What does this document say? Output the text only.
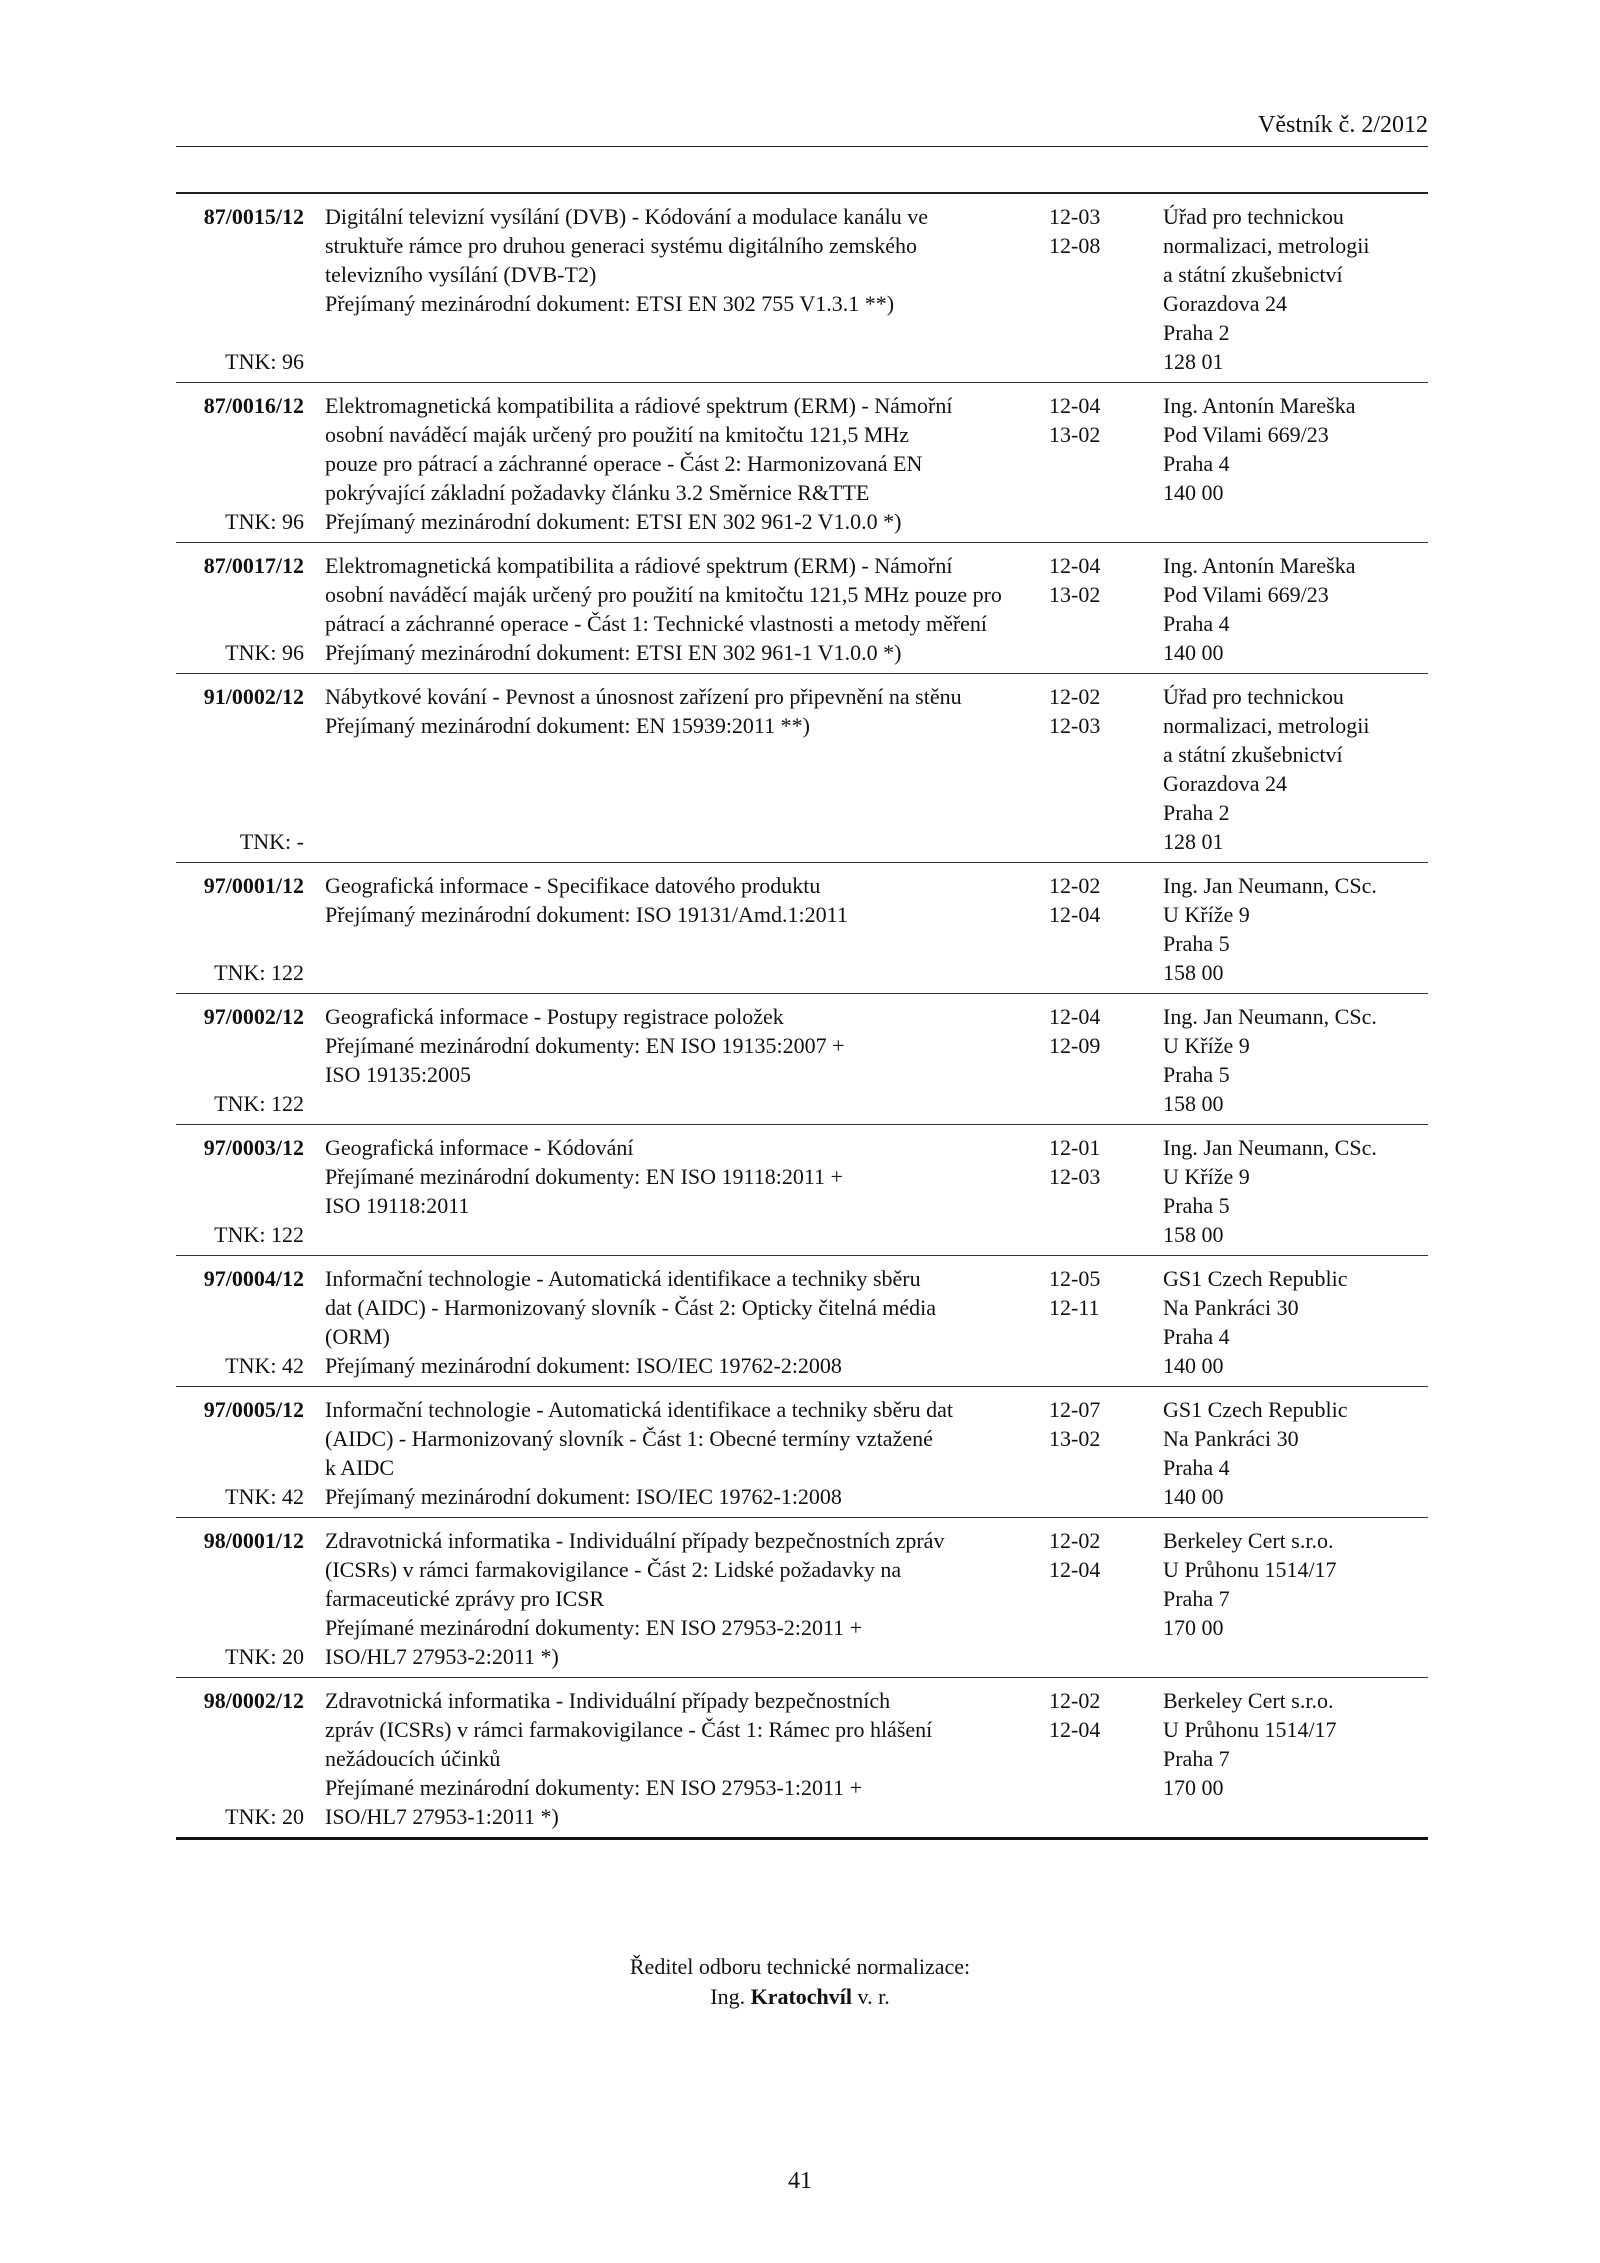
Věstník č. 2/2012
87/0015/12
TNK: 96
Digitální televizní vysílání (DVB) - Kódování a modulace kanálu ve
struktuře rámce pro druhou generaci systému digitálního zemského
televizního vysílání (DVB-T2)
Přejímaný mezinárodní dokument: ETSI EN 302 755 V1.3.1 **)
12-03
12-08
Úřad pro technickou
normalizaci, metrologii
a státní zkušebnictví
Gorazdova 24
Praha 2
128 01
87/0016/12
TNK: 96
Elektromagnetická kompatibilita a rádiové spektrum (ERM) - Námořní
osobní naváděcí maják určený pro použití na kmitočtu 121,5 MHz
pouze pro pátrací a záchranné operace - Část 2: Harmonizovaná EN
pokrývající základní požadavky článku 3.2 Směrnice R&TTE
Přejímaný mezinárodní dokument: ETSI EN 302 961-2 V1.0.0 *)
12-04
13-02
Ing. Antonín Mareška
Pod Vilami 669/23
Praha 4
140 00
87/0017/12
TNK: 96
Elektromagnetická kompatibilita a rádiové spektrum (ERM) - Námořní
osobní naváděcí maják určený pro použití na kmitočtu 121,5 MHz pouze pro
pátrací a záchranné operace - Část 1: Technické vlastnosti a metody měření
Přejímaný mezinárodní dokument: ETSI EN 302 961-1 V1.0.0 *)
12-04
13-02
Ing. Antonín Mareška
Pod Vilami 669/23
Praha 4
140 00
91/0002/12
TNK: -
Nábytkové kování - Pevnost a únosnost zařízení pro připevnění na stěnu
Přejímaný mezinárodní dokument: EN 15939:2011 **)
12-02
12-03
Úřad pro technickou
normalizaci, metrologii
a státní zkušebnictví
Gorazdova 24
Praha 2
128 01
97/0001/12
TNK: 122
Geografická informace - Specifikace datového produktu
Přejímaný mezinárodní dokument: ISO 19131/Amd.1:2011
12-02
12-04
Ing. Jan Neumann, CSc.
U Kříže 9
Praha 5
158 00
97/0002/12
TNK: 122
Geografická informace - Postupy registrace položek
Přejímané mezinárodní dokumenty: EN ISO 19135:2007 +
ISO 19135:2005
12-04
12-09
Ing. Jan Neumann, CSc.
U Kříže 9
Praha 5
158 00
97/0003/12
TNK: 122
Geografická informace - Kódování
Přejímané mezinárodní dokumenty: EN ISO 19118:2011 +
ISO 19118:2011
12-01
12-03
Ing. Jan Neumann, CSc.
U Kříže 9
Praha 5
158 00
97/0004/12
TNK: 42
Informační technologie - Automatická identifikace a techniky sběru
dat (AIDC) - Harmonizovaný slovník - Část 2: Opticky čitelná média
(ORM)
Přejímaný mezinárodní dokument: ISO/IEC 19762-2:2008
12-05
12-11
GS1 Czech Republic
Na Pankráci 30
Praha 4
140 00
97/0005/12
TNK: 42
Informační technologie - Automatická identifikace a techniky sběru dat
(AIDC) - Harmonizovaný slovník - Část 1: Obecné termíny vztažené
k AIDC
Přejímaný mezinárodní dokument: ISO/IEC 19762-1:2008
12-07
13-02
GS1 Czech Republic
Na Pankráci 30
Praha 4
140 00
98/0001/12
TNK: 20
Zdravotnická informatika - Individuální případy bezpečnostních zpráv
(ICSRs) v rámci farmakovigilance - Část 2: Lidské požadavky na
farmaceutické zprávy pro ICSR
Přejímané mezinárodní dokumenty: EN ISO 27953-2:2011 +
ISO/HL7 27953-2:2011 *)
12-02
12-04
Berkeley Cert s.r.o.
U Průhonu 1514/17
Praha 7
170 00
98/0002/12
TNK: 20
Zdravotnická informatika - Individuální případy bezpečnostních
zpráv (ICSRs) v rámci farmakovigilance - Část 1: Rámec pro hlášení
nežádoucích účinků
Přejímané mezinárodní dokumenty: EN ISO 27953-1:2011 +
ISO/HL7 27953-1:2011 *)
12-02
12-04
Berkeley Cert s.r.o.
U Průhonu 1514/17
Praha 7
170 00
Ředitel odboru technické normalizace:
Ing. Kratochvíl v. r.
41
